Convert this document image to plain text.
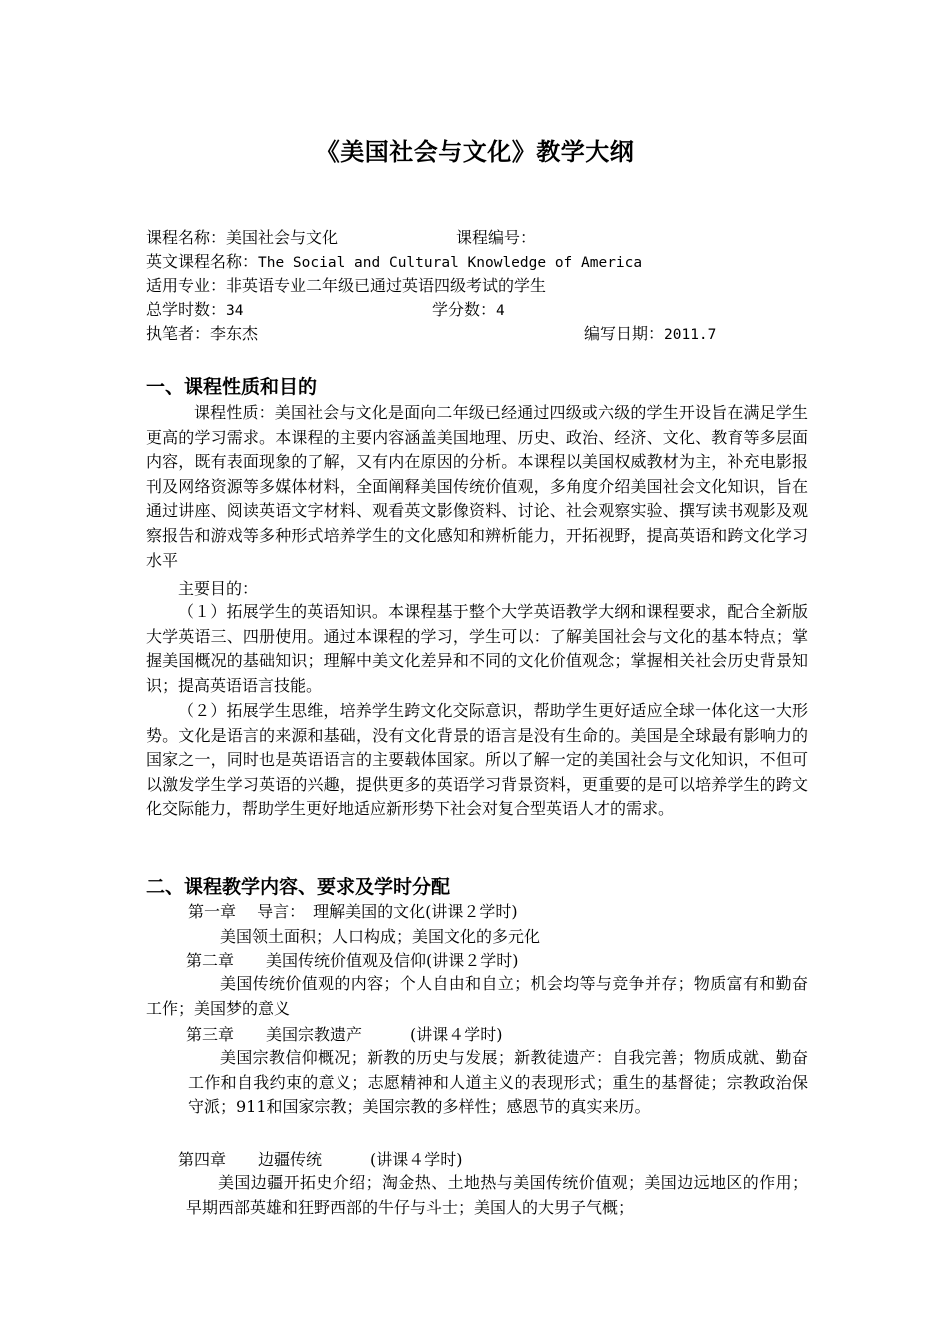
《美国社会与文化》教学大纲
课程名称：美国社会与文化	课程编号：
英文课程名称：The Social and Cultural Knowledge of America
适用专业：非英语专业二年级已通过英语四级考试的学生
总学时数：34	学分数：4
执笔者：李东杰	编写日期：2011.7
一、课程性质和目的

课程性质：美国社会与文化是面向二年级已经通过四级或六级的学生开设旨在满足学生更高的学习需求。本课程的主要内容涵盖美国地理、历史、政治、经济、文化、教育等多层面内容，既有表面现象的了解，又有内在原因的分析。本课程以美国权威教材为主，补充电影报刊及网络资源等多媒体材料，全面阐释美国传统价值观，多角度介绍美国社会文化知识，旨在通过讲座、阅读英语文字材料、观看英文影像资料、讨论、社会观察实验、撰写读书观影及观察报告和游戏等多种形式培养学生的文化感知和辨析能力，开拓视野，提高英语和跨文化学习水平

主要目的：

（１）拓展学生的英语知识。本课程基于整个大学英语教学大纲和课程要求，配合全新版大学英语三、四册使用。通过本课程的学习，学生可以：了解美国社会与文化的基本特点；掌握美国概况的基础知识；理解中美文化差异和不同的文化价值观念；掌握相关社会历史背景知识；提高英语语言技能。

（２）拓展学生思维，培养学生跨文化交际意识，帮助学生更好适应全球一体化这一大形势。文化是语言的来源和基础，没有文化背景的语言是没有生命的。美国是全球最有影响力的国家之一，同时也是英语语言的主要载体国家。所以了解一定的美国社会与文化知识，不但可以激发学生学习英语的兴趣，提供更多的英语学习背景资料，更重要的是可以培养学生的跨文化交际能力，帮助学生更好地适应新形势下社会对复合型英语人才的需求。

二、课程教学内容、要求及学时分配
第一章　 导言：　理解美国的文化(讲课２学时)
美国领土面积；人口构成；美国文化的多元化
第二章　　美国传统价值观及信仰(讲课２学时)

美国传统价值观的内容；个人自由和自立；机会均等与竞争并存；物质富有和勤奋工作；美国梦的意义

第三章　　美国宗教遗产　　　(讲课４学时)

美国宗教信仰概况；新教的历史与发展；新教徒遗产：自我完善；物质成就、勤奋工作和自我约束的意义；志愿精神和人道主义的表现形式；重生的基督徒；宗教政治保守派；911和国家宗教；美国宗教的多样性；感恩节的真实来历。

第四章　　边疆传统　　　(讲课４学时)

美国边疆开拓史介绍；淘金热、土地热与美国传统价值观；美国边远地区的作用；早期西部英雄和狂野西部的牛仔与斗士；美国人的大男子气概；
